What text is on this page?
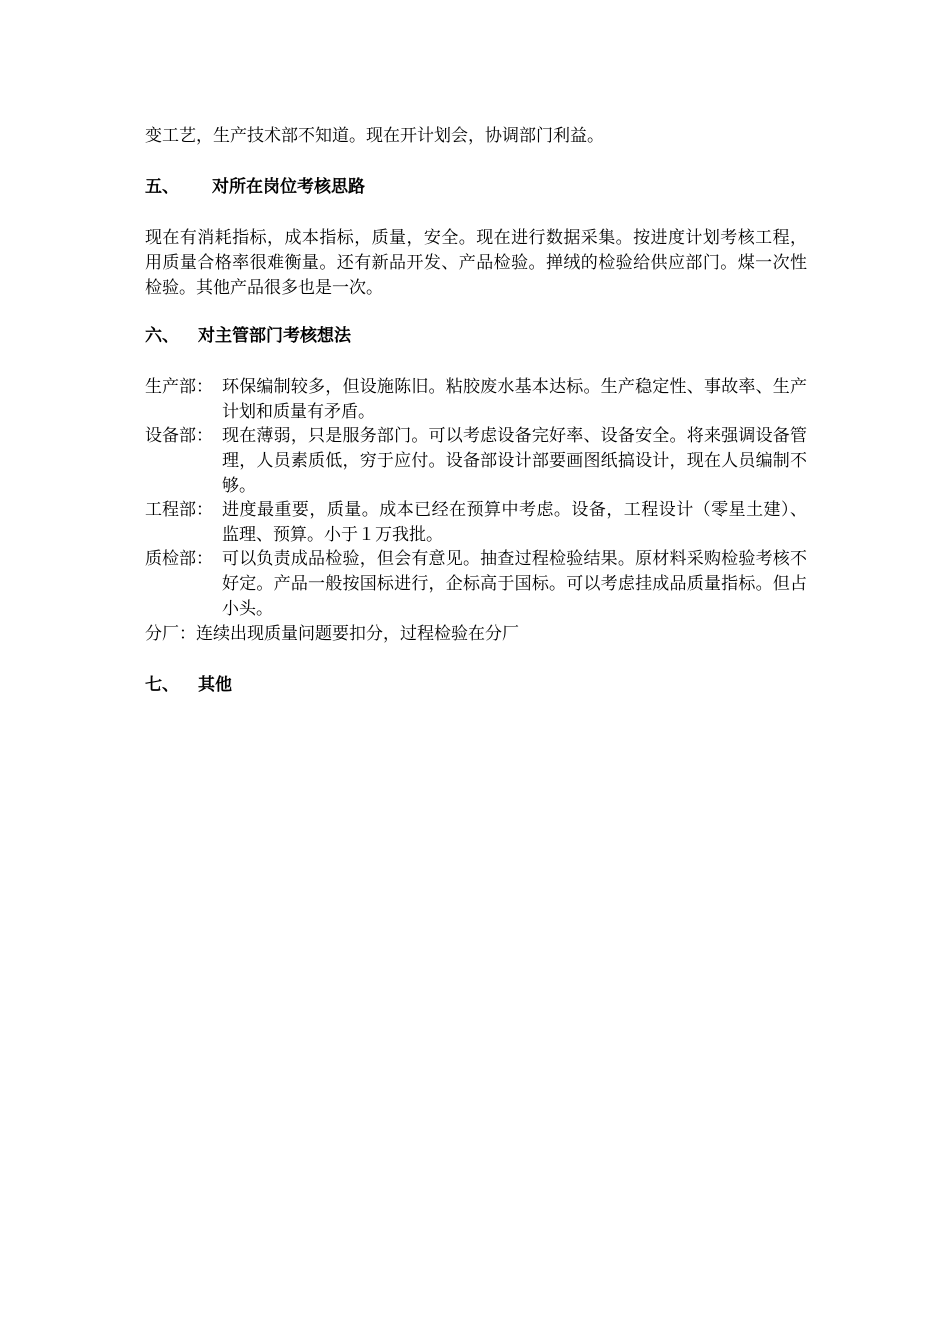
变工艺，生产技术部不知道。现在开计划会，协调部门利益。

五、 对所在岗位考核思路

现在有消耗指标，成本指标，质量，安全。现在进行数据采集。按进度计划考核工程，用质量合格率很难衡量。还有新品开发、产品检验。掸绒的检验给供应部门。煤一次性检验。其他产品很多也是一次。

六、 对主管部门考核想法
生产部： 环保编制较多，但设施陈旧。粘胶废水基本达标。生产稳定性、事故率、生产计划和质量有矛盾。
设备部： 现在薄弱，只是服务部门。可以考虑设备完好率、设备安全。将来强调设备管理，人员素质低，穷于应付。设备部设计部要画图纸搞设计，现在人员编制不够。
工程部： 进度最重要，质量。成本已经在预算中考虑。设备，工程设计（零星土建）、监理、预算。小于１万我批。
质检部： 可以负责成品检验，但会有意见。抽查过程检验结果。原材料采购检验考核不好定。产品一般按国标进行，企标高于国标。可以考虑挂成品质量指标。但占小头。
分厂：连续出现质量问题要扣分，过程检验在分厂
七、 其他
